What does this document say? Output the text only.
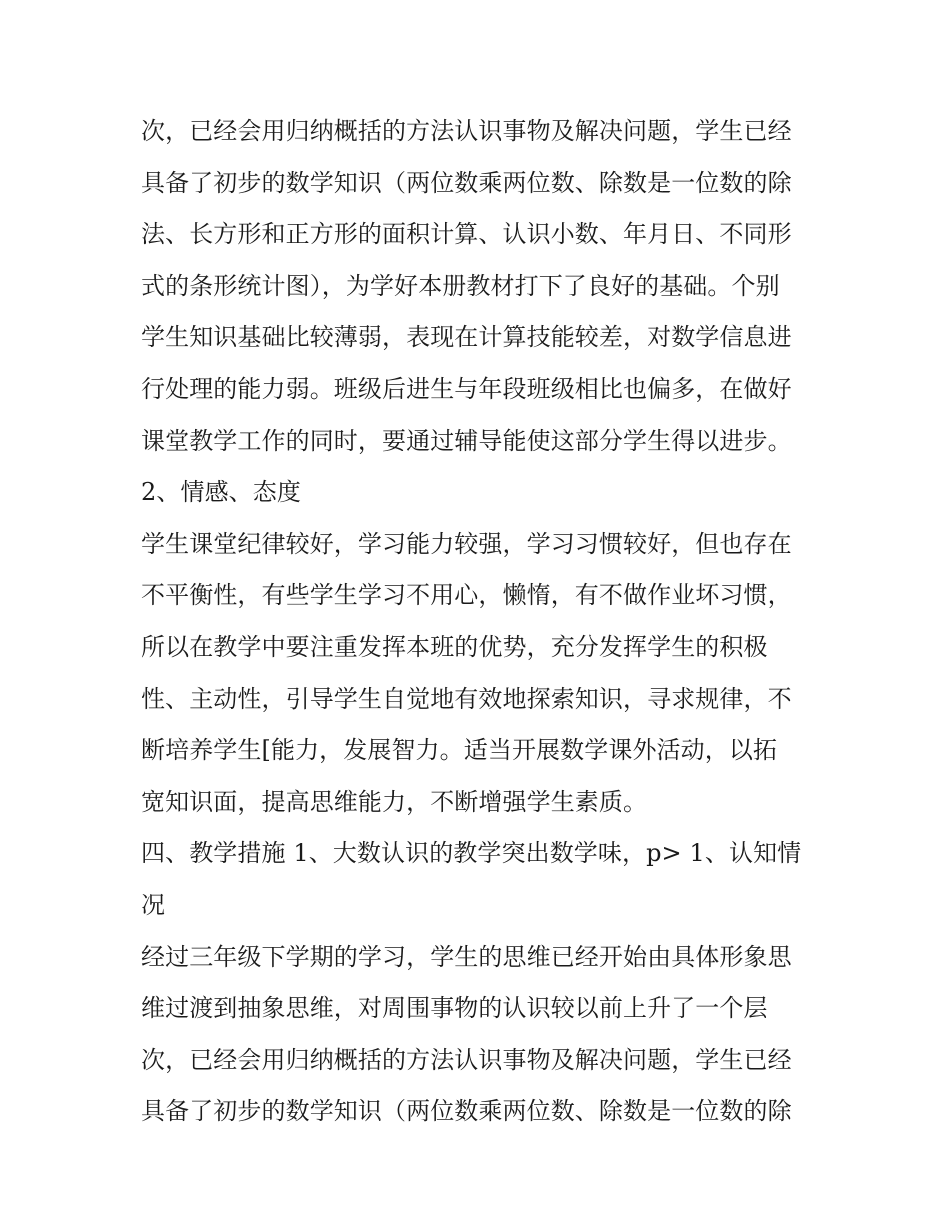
次，已经会用归纳概括的方法认识事物及解决问题，学生已经
具备了初步的数学知识（两位数乘两位数、除数是一位数的除
法、长方形和正方形的面积计算、认识小数、年月日、不同形
式的条形统计图），为学好本册教材打下了良好的基础。个别
学生知识基础比较薄弱，表现在计算技能较差，对数学信息进
行处理的能力弱。班级后进生与年段班级相比也偏多，在做好
课堂教学工作的同时，要通过辅导能使这部分学生得以进步。
2、情感、态度
学生课堂纪律较好，学习能力较强，学习习惯较好，但也存在
不平衡性，有些学生学习不用心，懒惰，有不做作业坏习惯，
所以在教学中要注重发挥本班的优势，充分发挥学生的积极
性、主动性，引导学生自觉地有效地探索知识，寻求规律，不
断培养学生[能力，发展智力。适当开展数学课外活动，以拓
宽知识面，提高思维能力，不断增强学生素质。
四、教学措施 1、大数认识的教学突出数学味，p> 1、认知情
况
经过三年级下学期的学习，学生的思维已经开始由具体形象思
维过渡到抽象思维，对周围事物的认识较以前上升了一个层
次，已经会用归纳概括的方法认识事物及解决问题，学生已经
具备了初步的数学知识（两位数乘两位数、除数是一位数的除
